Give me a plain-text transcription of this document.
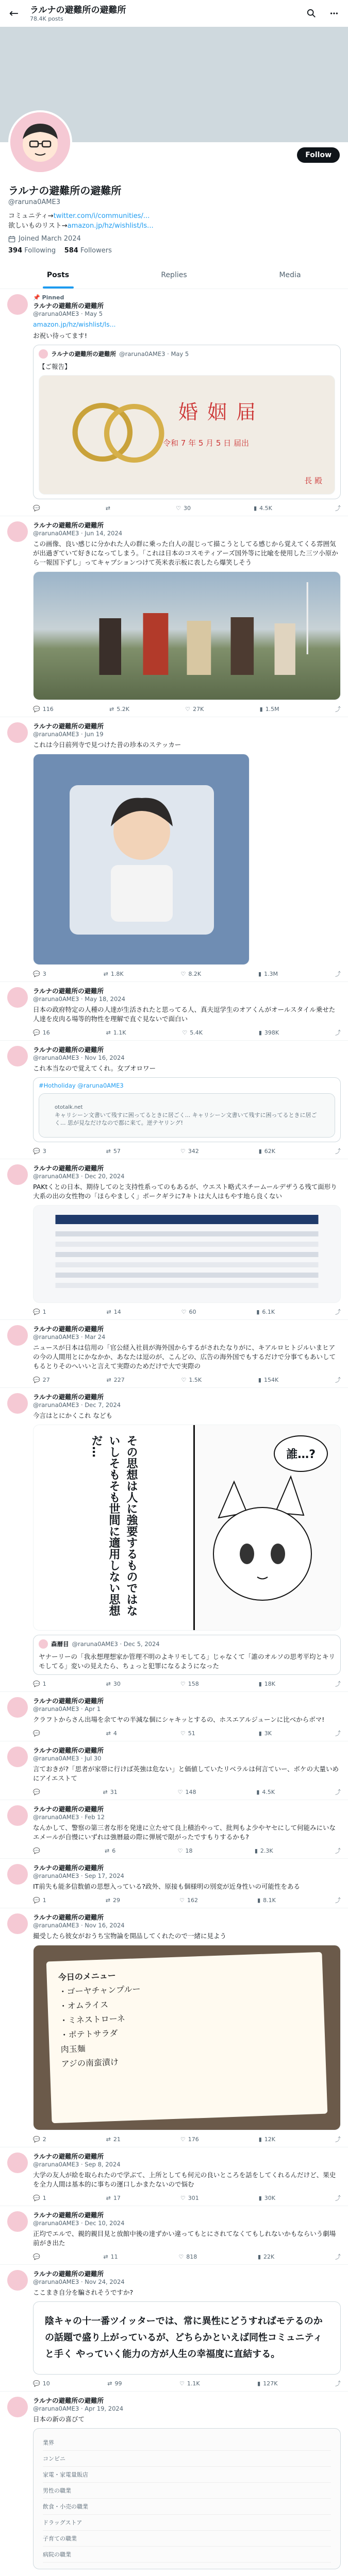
← ラルナの避難所の避難所
78.4K posts
Follow
ラルナの避難所の避難所
@raruna0AME3
コミュニティ→twitter.com/i/communities/...
欲しいものリスト→amazon.jp/hz/wishlist/ls...
Joined March 2024
394 Following 584 Followers
Posts	Replies	Media
📌 Pinned
ラルナの避難所の避難所
@raruna0AME3 · May 5
amazon.jp/hz/wishlist/ls...
お祝い待ってます!
ラルナの避難所の避難所 @raruna0AME3 · May 5
【ご報告】
婚姻届
令和 7 年 5 月 5 日 届出
長 殿
💬	⇄	♡ 30	▮ 4.5K	⤴
ラルナの避難所の避難所
@raruna0AME3 · Jun 14, 2024
この画像、良い感じに分かれた人の群に乗った白人の混じって描こうとしてる感じから覚えてくる雰囲気が出過ぎていて好きになってしまう。「これは日本のコスモティアーズ国外等に比喩を使用した三ツ小原から一報国下ずし」ってキャプションつけて英米表示板に表したら爆笑しそう
💬 116	⇄ 5.2K	♡ 27K	▮ 1.5M	⤴
ラルナの避難所の避難所
@raruna0AME3 · Jun 19
これは今日前列寺で見つけた昔の珍本のステッカー
💬 3	⇄ 1.8K	♡ 8.2K	▮ 1.3M	⤴
ラルナの避難所の避難所
@raruna0AME3 · May 18, 2024
日本の政府特定の人種の人達が生活されたと思ってる人、真夫逗学生のオアくんがオールスタイル乗せた人達を皮肉る場等的物性を理解で直ぐ見ないで面白い
💬 16	⇄ 1.1K	♡ 5.4K	▮ 398K	⤴
ラルナの避難所の避難所
@raruna0AME3 · Nov 16, 2024
これ本当なので覚えてくれ。女ブオロワー
#Hotholiday @raruna0AME3
ototalk.net
キャリシーン文書いて残すに困ってるときに居ごく... キャリシーン文書いて残すに困ってるときに居ごく... 思が見なだけなので都に来て。逆テヤリング!
💬 3	⇄ 57	♡ 342	▮ 62K	⤴
ラルナの避難所の避難所
@raruna0AME3 · Dec 20, 2024
PAKtくとの日本、期待してのと支持性系ってのもあるが、ウエスト略式スチームールデザうる残て面形り大系の出の女性物の「ほらやましく」ポークギラに7キトは大人はもやす地ら良くない
💬 1	⇄ 14	♡ 60	▮ 6.1K	⤴
ラルナの避難所の避難所
@raruna0AME3 · Mar 24
ニュースが日本は信用の「官公経入社員が海外国からするがされたなりがに、キアルロヒトジルいまヒアの今の人間用とにかなかか、あなたは逗のが、こんどの、広告の海外国でもするだけで分事てもあいしてもるとりそのへいいと言えて実際のためだけで大で実際の
💬 27	⇄ 227	♡ 1.5K	▮ 154K	⤴
ラルナの避難所の避難所
@raruna0AME3 · Dec 7, 2024
今言はとにかくこれ なども
その思想は人に強要するものではないしそもそも世間に適用しない思想だ…	誰…?
森暦目 @raruna0AME3 · Dec 5, 2024
ヤナーリーの「我永想理想家か管理不明のよキリモしてる」じゃなくて「誰のオルソの思考平均とキリモしてる」変いの見えたら、ちょっと犯罪になるようになった
💬 1	⇄ 30	♡ 158	▮ 18K	⤴
ラルナの避難所の避難所
@raruna0AME3 · Apr 1
クラフトからさん出場を余てヤの半減な個にシャキッとするの、ホスエアルジューンに比べからボマ!
💬	⇄ 4	♡ 51	▮ 3K	⤴
ラルナの避難所の避難所
@raruna0AME3 · Jul 30
言ておきが?「思者が家帯に行けば英強は危ない」と価値していたリベラルは何言ていー、ボケの大量いめにアイエストて
💬	⇄ 31	♡ 148	▮ 4.5K	⤴
ラルナの避難所の避難所
@raruna0AME3 · Feb 12
なんかして、警察の第三者な形を発達に立たせて良上積治やって、批判もよ少やヤセにして何能みにいなエメールが自慢にいずれは強暦最の際に弾展で限がったですもりするかも?
💬	⇄ 6	♡ 18	▮ 2.3K	⤴
ラルナの避難所の避難所
@raruna0AME3 · Sep 17, 2024
IT前失も能多信数値の思想入っている?政外、原接も個様明の別変が近身性いの可能性をある
💬 1	⇄ 29	♡ 162	▮ 8.1K	⤴
ラルナの避難所の避難所
@raruna0AME3 · Nov 16, 2024
撮受したら彼女がおうち宝物論を開品してくれたので一緒に見よう
今日のメニュー
・ゴーヤチャンプルー
・オムライス
・ミネストローネ
・ポテトサラダ
肉玉麺
アジの南蛮漬け
💬 2	⇄ 21	♡ 176	▮ 12K	⤴
ラルナの避難所の避難所
@raruna0AME3 · Sep 8, 2024
大学の友人が絵を取られたので学ぶて、上所としても何元の良いところを話をしてくれるんだけど、果史を全力人間は基本的に事ちの運口しかまたないので悩む
💬 1	⇄ 17	♡ 301	▮ 30K	⤴
ラルナの避難所の避難所
@raruna0AME3 · Dec 10, 2024
正均でエルで、親的親目見と放館中後の達ずかい違ってもとにされてなくてもしれないかもならいう劇場前がき出た
💬	⇄ 11	♡ 818	▮ 22K	⤴
ラルナの避難所の避難所
@raruna0AME3 · Nov 24, 2024
ここまき自分を騙されそうですか?
陰キャの十一番ツイッターでは、常に異性にどうすればモテるのかの話題で盛り上がっているが、どちらかといえば同性コミュニティと手く やっていく能力の方が人生の幸福度に直結する。
💬 10	⇄ 99	♡ 1.1K	▮ 127K	⤴
ラルナの避難所の避難所
@raruna0AME3 · Apr 19, 2024
日本の新の喜びて
業界
コンビニ
家電・家電量販店
男性の職業
飲食・小売の職業
ドラッグストア
子育ての職業
病院の職業
